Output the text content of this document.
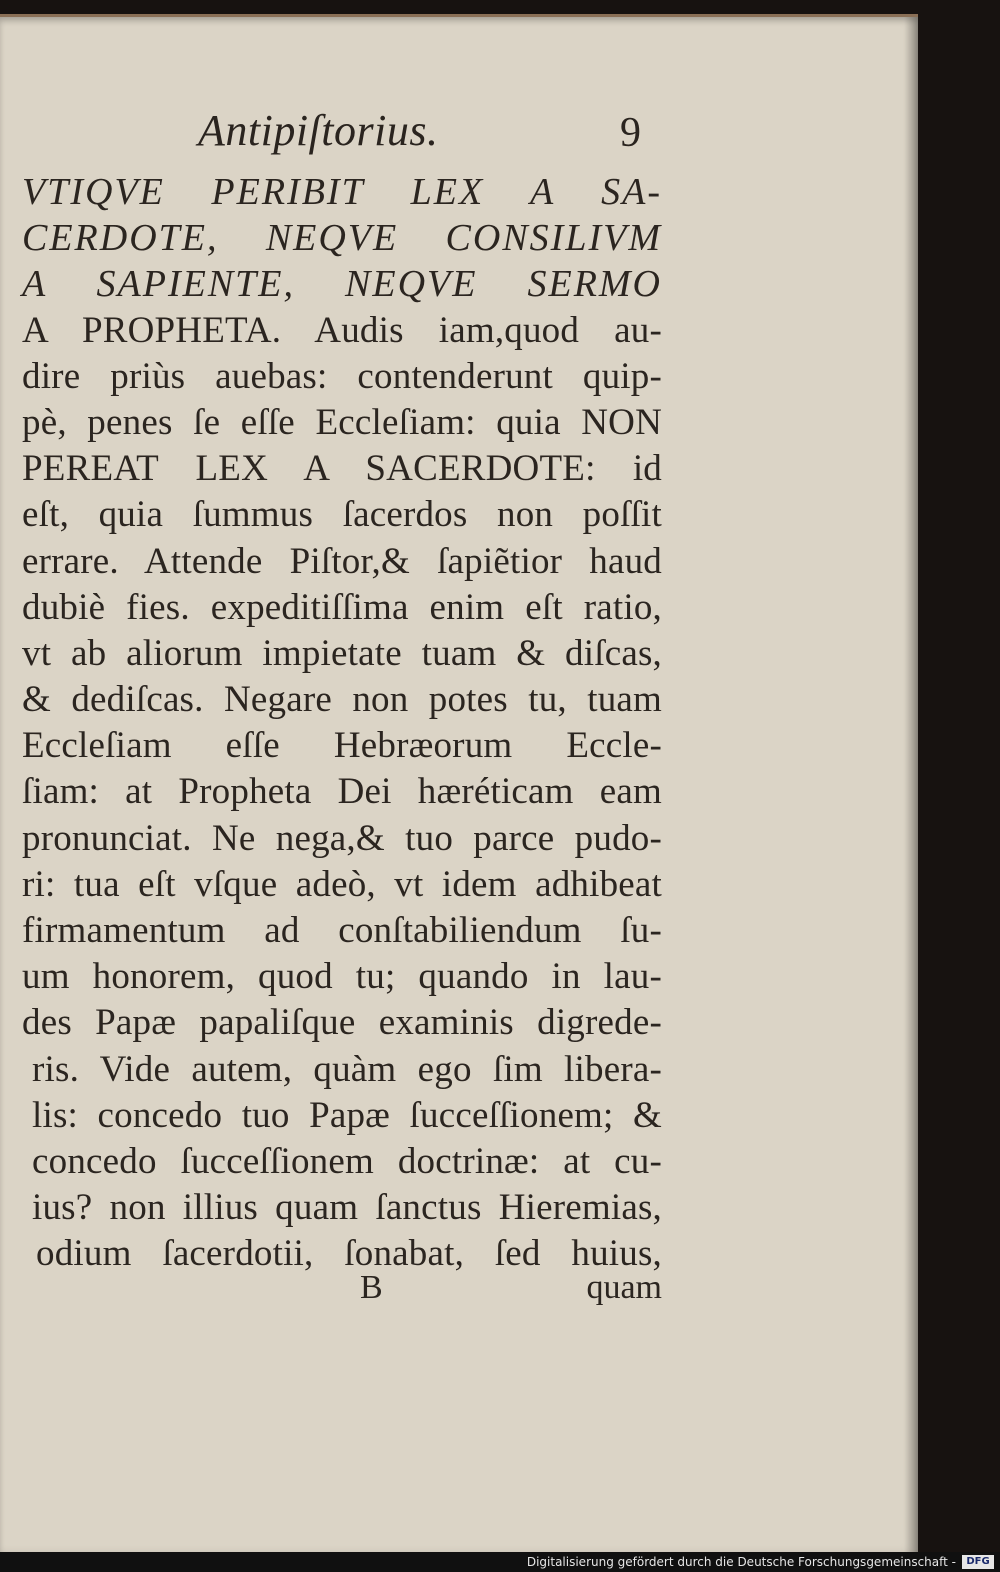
Antipiſtorius.	9
VTIQVE PERIBIT LEX A SA-
CERDOTE, NEQVE CONSILIVM
A SAPIENTE, NEQVE SERMO
A PROPHETA. Audis iam,quod au-
dire priùs auebas: contenderunt quip-
pè, penes ſe eſſe Eccleſiam: quia NON
PEREAT LEX A SACERDOTE: id
eſt, quia ſummus ſacerdos non poſſit
errare. Attende Piſtor,& ſapiẽtior haud
dubiè fies. expeditiſſima enim eſt ratio,
vt ab aliorum impietate tuam & diſcas,
& dediſcas. Negare non potes tu, tuam
Eccleſiam eſſe Hebræorum Eccle-
ſiam: at Propheta Dei hæréticam eam
pronunciat. Ne nega,& tuo parce pudo-
ri: tua eſt vſque adeò, vt idem adhibeat
firmamentum ad conſtabiliendum ſu-
um honorem, quod tu; quando in lau-
des Papæ papaliſque examinis digrede-
ris. Vide autem, quàm ego ſim libera-
lis: concedo tuo Papæ ſucceſſionem; &
concedo ſucceſſionem doctrinæ: at cu-
ius? non illius quam ſanctus Hieremias,
odium ſacerdotii, ſonabat, ſed huius,
B	quam
Digitalisierung gefördert durch die Deutsche Forschungsgemeinschaft -	DFG
